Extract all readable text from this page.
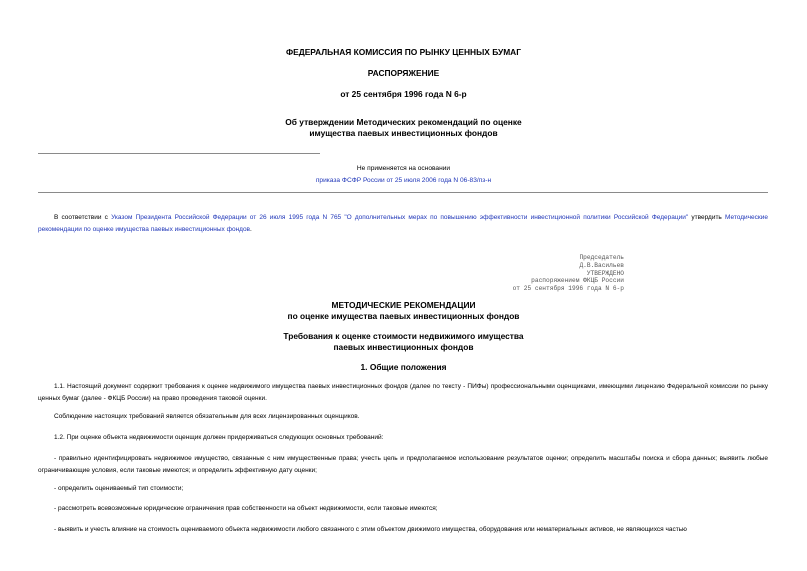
ФЕДЕРАЛЬНАЯ КОМИССИЯ ПО РЫНКУ ЦЕННЫХ БУМАГ

РАСПОРЯЖЕНИЕ

от 25 сентября 1996 года N 6-р

Об утверждении Методических рекомендаций по оценке

имущества паевых инвестиционных фондов

Не применяется на основании
приказа ФСФР России от 25 июля 2006 года N 06-83/пз-н

В соответствии с Указом Президента Российской Федерации от 26 июля 1995 года N 765 "О дополнительных мерах по повышению эффективности инвестиционной политики Российской Федерации" утвердить Методические рекомендации по оценке имущества паевых инвестиционных фондов.

Председатель
Д.В.Васильев
УТВЕРЖДЕНО
распоряжением ФКЦБ России
от 25 сентября 1996 года N 6-р

МЕТОДИЧЕСКИЕ РЕКОМЕНДАЦИИ

по оценке имущества паевых инвестиционных фондов

Требования к оценке стоимости недвижимого имущества

паевых инвестиционных фондов

1. Общие положения

1.1. Настоящий документ содержит требования к оценке недвижимого имущества паевых инвестиционных фондов (далее по тексту - ПИФы) профессиональными оценщиками, имеющими лицензию Федеральной комиссии по рынку ценных бумаг (далее - ФКЦБ России) на право проведения таковой оценки.

Соблюдение настоящих требований является обязательным для всех лицензированных оценщиков.

1.2. При оценке объекта недвижимости оценщик должен придерживаться следующих основных требований:

- правильно идентифицировать недвижимое имущество, связанные с ним имущественные права; учесть цель и предполагаемое использование результатов оценки; определить масштабы поиска и сбора данных; выявить любые ограничивающие условия, если таковые имеются; и определить эффективную дату оценки;

- определить оцениваемый тип стоимости;

- рассмотреть всевозможные юридические ограничения прав собственности на объект недвижимости, если таковые имеются;

- выявить и учесть влияние на стоимость оцениваемого объекта недвижимости любого связанного с этим объектом движимого имущества, оборудования или нематериальных активов, не являющихся частью
